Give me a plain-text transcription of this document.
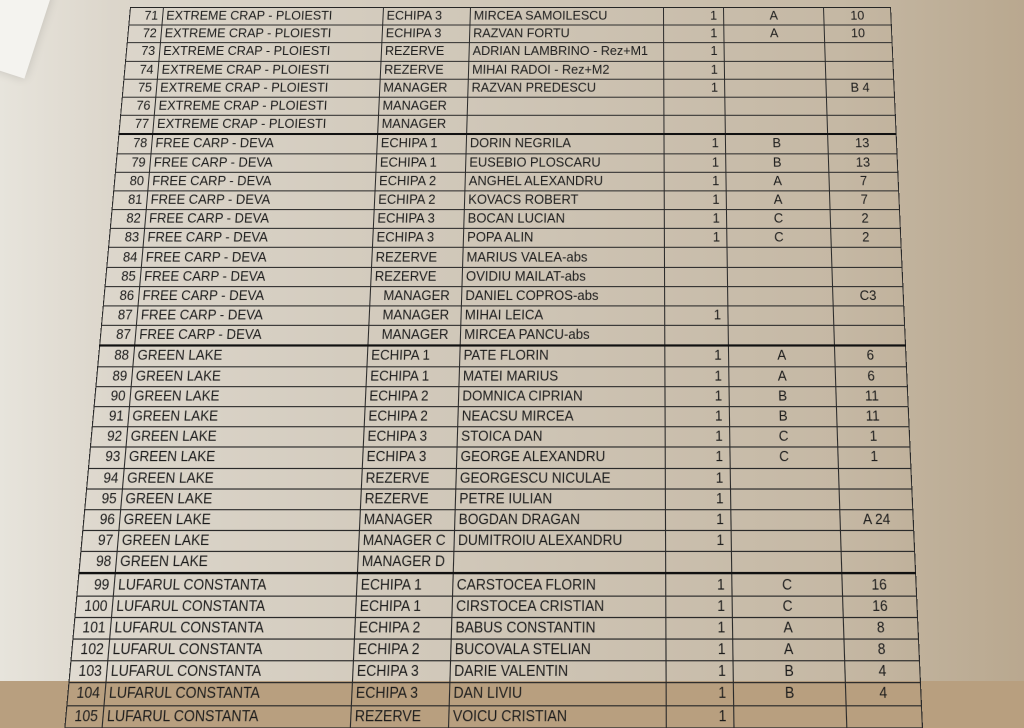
71	EXTREME CRAP - PLOIESTI	ECHIPA 3	MIRCEA SAMOILESCU	1	A	10
72	EXTREME CRAP - PLOIESTI	ECHIPA 3	RAZVAN FORTU	1	A	10
73	EXTREME CRAP - PLOIESTI	REZERVE	ADRIAN LAMBRINO - Rez+M1	1		
74	EXTREME CRAP - PLOIESTI	REZERVE	MIHAI RADOI - Rez+M2	1		
75	EXTREME CRAP - PLOIESTI	MANAGER	RAZVAN PREDESCU	1		B 4
76	EXTREME CRAP - PLOIESTI	MANAGER				
77	EXTREME CRAP - PLOIESTI	MANAGER				
78	FREE CARP - DEVA	ECHIPA 1	DORIN NEGRILA	1	B	13
79	FREE CARP - DEVA	ECHIPA 1	EUSEBIO PLOSCARU	1	B	13
80	FREE CARP - DEVA	ECHIPA 2	ANGHEL ALEXANDRU	1	A	7
81	FREE CARP - DEVA	ECHIPA 2	KOVACS ROBERT	1	A	7
82	FREE CARP - DEVA	ECHIPA 3	BOCAN LUCIAN	1	C	2
83	FREE CARP - DEVA	ECHIPA 3	POPA ALIN	1	C	2
84	FREE CARP - DEVA	REZERVE	MARIUS VALEA-abs			
85	FREE CARP - DEVA	REZERVE	OVIDIU MAILAT-abs			
86	FREE CARP - DEVA	MANAGER	DANIEL COPROS-abs			C3
87	FREE CARP - DEVA	MANAGER	MIHAI LEICA	1		
87	FREE CARP - DEVA	MANAGER	MIRCEA PANCU-abs			
88	GREEN LAKE	ECHIPA 1	PATE FLORIN	1	A	6
89	GREEN LAKE	ECHIPA 1	MATEI MARIUS	1	A	6
90	GREEN LAKE	ECHIPA 2	DOMNICA CIPRIAN	1	B	11
91	GREEN LAKE	ECHIPA 2	NEACSU MIRCEA	1	B	11
92	GREEN LAKE	ECHIPA 3	STOICA DAN	1	C	1
93	GREEN LAKE	ECHIPA 3	GEORGE ALEXANDRU	1	C	1
94	GREEN LAKE	REZERVE	GEORGESCU NICULAE	1		
95	GREEN LAKE	REZERVE	PETRE IULIAN	1		
96	GREEN LAKE	MANAGER	BOGDAN DRAGAN	1		A 24
97	GREEN LAKE	MANAGER C	DUMITROIU ALEXANDRU	1		
98	GREEN LAKE	MANAGER D				
99	LUFARUL CONSTANTA	ECHIPA 1	CARSTOCEA FLORIN	1	C	16
100	LUFARUL CONSTANTA	ECHIPA 1	CIRSTOCEA CRISTIAN	1	C	16
101	LUFARUL CONSTANTA	ECHIPA 2	BABUS CONSTANTIN	1	A	8
102	LUFARUL CONSTANTA	ECHIPA 2	BUCOVALA STELIAN	1	A	8
103	LUFARUL CONSTANTA	ECHIPA 3	DARIE VALENTIN	1	B	4
104	LUFARUL CONSTANTA	ECHIPA 3	DAN LIVIU	1	B	4
105	LUFARUL CONSTANTA	REZERVE	VOICU CRISTIAN	1		
